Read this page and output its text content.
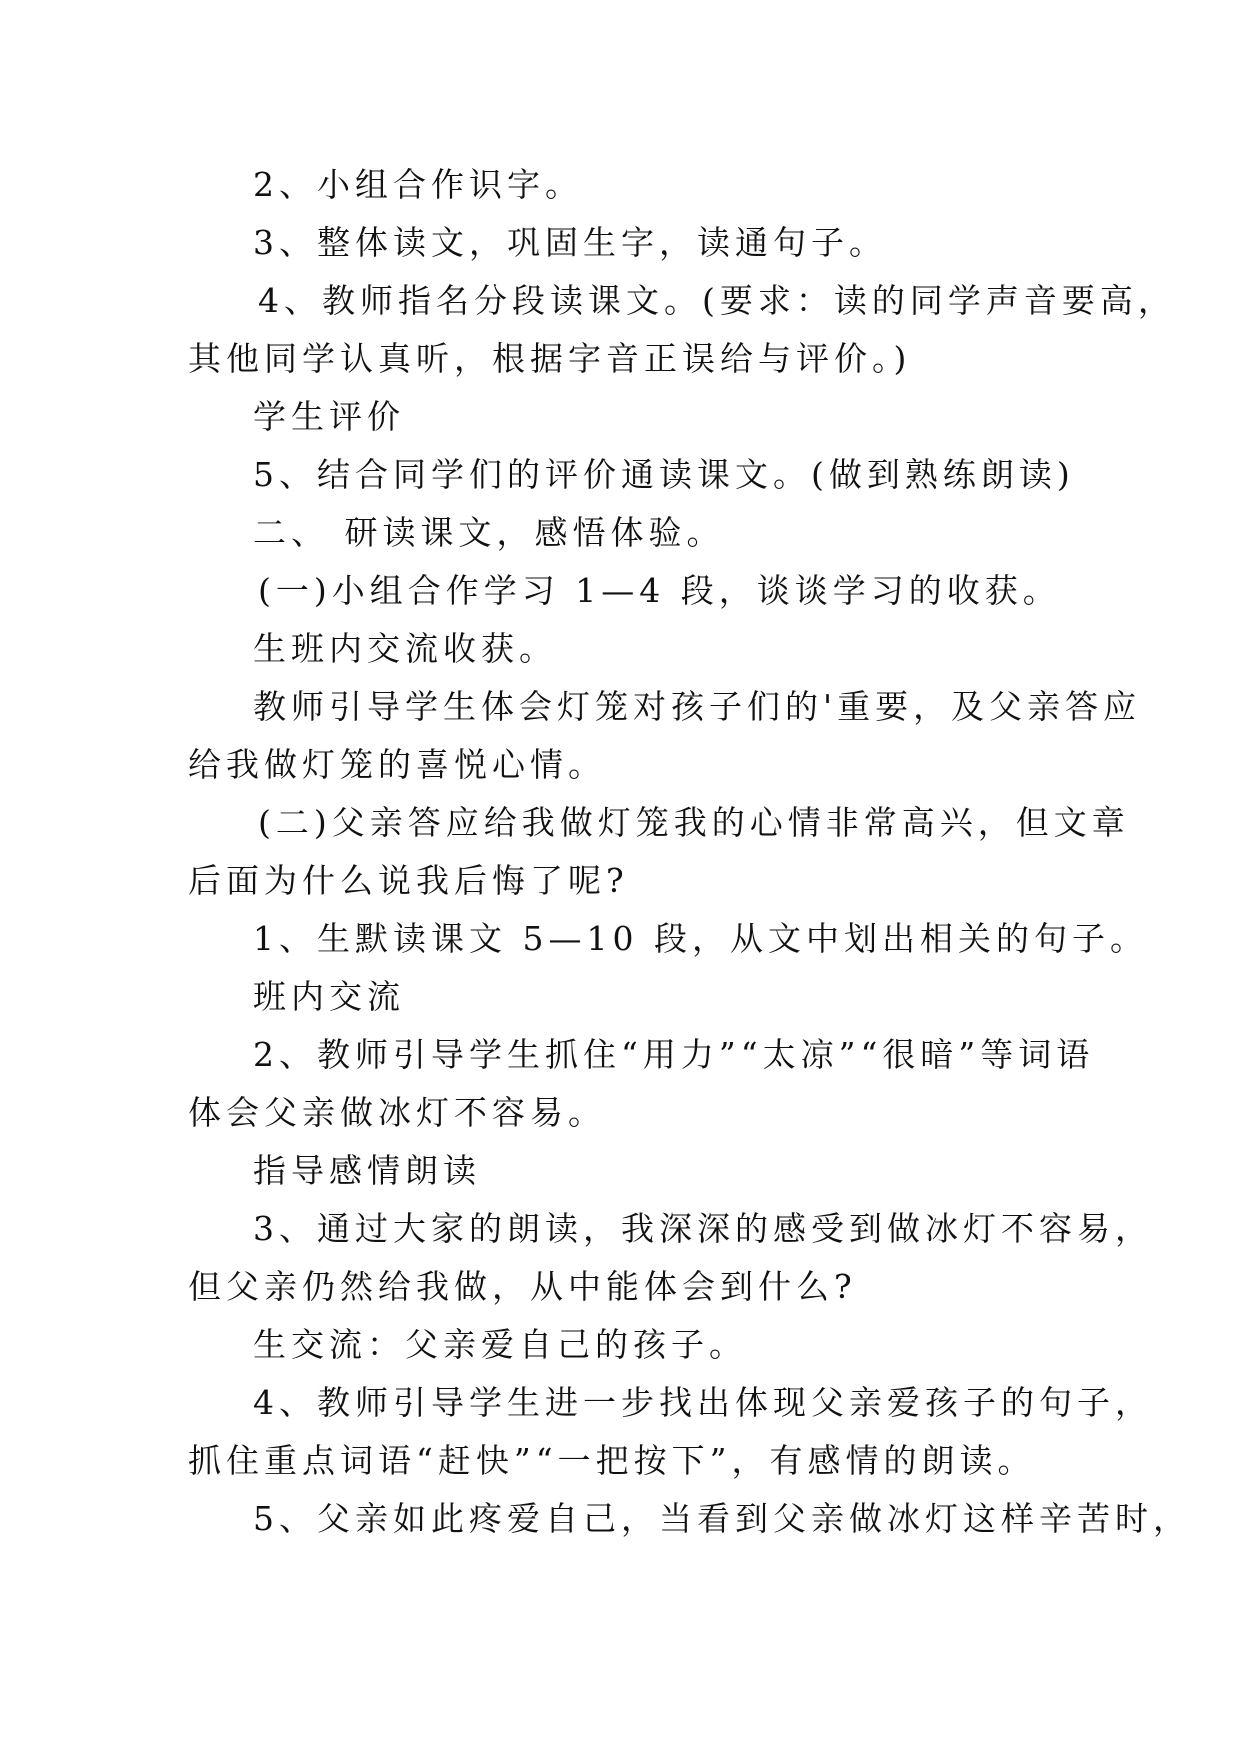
2、小组合作识字。
3、整体读文，巩固生字，读通句子。
4、教师指名分段读课文。(要求：读的同学声音要高，
其他同学认真听，根据字音正误给与评价。)
学生评价
5、结合同学们的评价通读课文。(做到熟练朗读)
二、 研读课文，感悟体验。
(一)小组合作学习 1—4 段，谈谈学习的收获。
生班内交流收获。
教师引导学生体会灯笼对孩子们的'重要，及父亲答应
给我做灯笼的喜悦心情。
(二)父亲答应给我做灯笼我的心情非常高兴，但文章
后面为什么说我后悔了呢?
1、生默读课文 5—10 段，从文中划出相关的句子。
班内交流
2、教师引导学生抓住“用力”“太凉”“很暗”等词语
体会父亲做冰灯不容易。
指导感情朗读
3、通过大家的朗读，我深深的感受到做冰灯不容易，
但父亲仍然给我做，从中能体会到什么?
生交流：父亲爱自己的孩子。
4、教师引导学生进一步找出体现父亲爱孩子的句子，
抓住重点词语“赶快”“一把按下”，有感情的朗读。
5、父亲如此疼爱自己，当看到父亲做冰灯这样辛苦时，
